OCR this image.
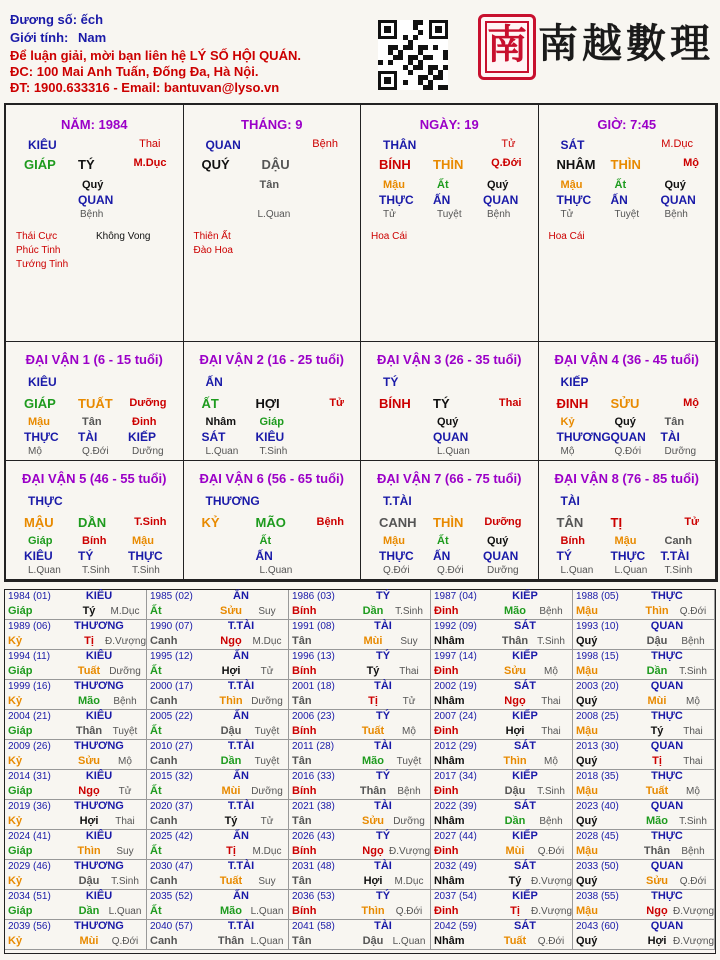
Đương số: ếch
Giới tính: Nam
Để luận giải, mời bạn liên hệ LÝ SỐ HỘI QUÁN.
ĐC: 100 Mai Anh Tuấn, Đống Đa, Hà Nội.
ĐT: 1900.633316 - Email: bantuvan@lyso.vn
南 南越數理
NĂM: 1984
KIÊU	Thai
GIÁP TÝ	M.Dục
Quý
QUAN
Bệnh
Thái Cực
Phúc Tinh
Tướng Tinh
Không Vong
THÁNG: 9
QUAN	Bệnh
QUÝ DẬU
Tân
L.Quan
Thiên Ất
Đào Hoa
NGÀY: 19
THÂN	Tử
BÍNH THÌN	Q.Đới
Mậu
THỰC
Tử
Ất
ẤN
Tuyệt
Quý
QUAN
Bệnh
Hoa Cái
GIỜ: 7:45
SÁT	M.Dục
NHÂM THÌN	Mộ
Mậu
THỰC
Tử
Ất
ẤN
Tuyệt
Quý
QUAN
Bệnh
Hoa Cái
ĐẠI VẬN 1 (6 - 15 tuổi)
KIÊU
GIÁP TUẤT Dưỡng
Mậu
THỰC
Mộ
Tân
TÀI
Q.Đới
Đinh
KIẾP
Dưỡng
ĐẠI VẬN 2 (16 - 25 tuổi)
ẤN
ẤT	HỢI	Tử
Nhâm
SÁT
L.Quan
Giáp
KIÊU
T.Sinh
ĐẠI VẬN 3 (26 - 35 tuổi)
TÝ
BÍNH TÝ	Thai
Quý
QUAN
L.Quan
ĐẠI VẬN 4 (36 - 45 tuổi)
KIẾP
ĐINH SỬU	Mộ
Kỷ
THƯƠNG
Mộ
Quý
QUAN
Q.Đới
Tân
TÀI
Dưỡng
ĐẠI VẬN 5 (46 - 55 tuổi)
THỰC
MẬU DẦN	T.Sinh
Giáp
KIÊU
L.Quan
Bính
TÝ
T.Sinh
Mậu
THỰC
T.Sinh
ĐẠI VẬN 6 (56 - 65 tuổi)
THƯƠNG
KỶ	MÃO	Bệnh
Ất
ẤN
L.Quan
ĐẠI VẬN 7 (66 - 75 tuổi)
T.TÀI
CANH THÌN Dưỡng
Mậu
THỰC
Q.Đới
Ất
ẤN
Q.Đới
Quý
QUAN
Dưỡng
ĐẠI VẬN 8 (76 - 85 tuổi)
TÀI
TÂN TỊ	Tử
Bính
TÝ
L.Quan
Mậu
THỰC
L.Quan
Canh
T.TÀI
T.Sinh
1984 (01)	KIÊU
Giáp	Tý	M.Dục
1985 (02)	ẤN
Ất	Sửu	Suy
1986 (03)	TÝ
Bính	Dần	T.Sinh
1987 (04)	KIẾP
Đinh	Mão	Bệnh
1988 (05)	THỰC
Mậu	Thìn	Q.Đới
1989 (06)	THƯƠNG
Kỷ	Tị	Đ.Vượng
1990 (07)	T.TÀI
Canh	Ngọ	M.Dục
1991 (08)	TÀI
Tân	Mùi	Suy
1992 (09)	SÁT
Nhâm	Thân T.Sinh
1993 (10)	QUAN
Quý	Dậu	Bệnh
1994 (11)	KIÊU
Giáp	Tuất Dưỡng
1995 (12)	ẤN
Ất	Hợi	Tử
1996 (13)	TÝ
Bính	Tý	Thai
1997 (14)	KIẾP
Đinh	Sửu	Mộ
1998 (15)	THỰC
Mậu	Dần	T.Sinh
1999 (16)	THƯƠNG
Kỷ	Mão	Bệnh
2000 (17)	T.TÀI
Canh	Thìn Dưỡng
2001 (18)	TÀI
Tân	Tị	Tử
2002 (19)	SÁT
Nhâm	Ngọ	Thai
2003 (20)	QUAN
Quý	Mùi	Mộ
2004 (21)	KIÊU
Giáp	Thân	Tuyệt
2005 (22)	ẤN
Ất	Dậu	Tuyệt
2006 (23)	TÝ
Bính	Tuất	Mộ
2007 (24)	KIẾP
Đinh	Hợi	Thai
2008 (25)	THỰC
Mậu	Tý	Thai
2009 (26)	THƯƠNG
Kỷ	Sửu	Mộ
2010 (27)	T.TÀI
Canh	Dần	Tuyệt
2011 (28)	TÀI
Tân	Mão	Tuyệt
2012 (29)	SÁT
Nhâm	Thìn	Mộ
2013 (30)	QUAN
Quý	Tị	Thai
2014 (31)	KIÊU
Giáp	Ngọ	Tử
2015 (32)	ẤN
Ất	Mùi	Dưỡng
2016 (33)	TÝ
Bính	Thân	Bệnh
2017 (34)	KIẾP
Đinh	Dậu	T.Sinh
2018 (35)	THỰC
Mậu	Tuất	Mộ
2019 (36)	THƯƠNG
Kỷ	Hợi	Thai
2020 (37)	T.TÀI
Canh	Tý	Tử
2021 (38)	TÀI
Tân	Sửu Dưỡng
2022 (39)	SÁT
Nhâm	Dần	Bệnh
2023 (40)	QUAN
Quý	Mão	T.Sinh
2024 (41)	KIÊU
Giáp	Thìn	Suy
2025 (42)	ẤN
Ất	Tị	M.Dục
2026 (43)	TÝ
Bính	Ngọ Đ.Vượng
2027 (44)	KIẾP
Đinh	Mùi	Q.Đới
2028 (45)	THỰC
Mậu	Thân	Bệnh
2029 (46)	THƯƠNG
Kỷ	Dậu	T.Sinh
2030 (47)	T.TÀI
Canh	Tuất	Suy
2031 (48)	TÀI
Tân	Hợi	M.Dục
2032 (49)	SÁT
Nhâm	Tý Đ.Vượng
2033 (50)	QUAN
Quý	Sửu	Q.Đới
2034 (51)	KIÊU
Giáp	Dần L.Quan
2035 (52)	ẤN
Ất	Mão L.Quan
2036 (53)	TÝ
Bính	Thìn	Q.Đới
2037 (54)	KIẾP
Đinh	Tị	Đ.Vượng
2038 (55)	THỰC
Mậu	Ngọ Đ.Vượng
2039 (56)	THƯƠNG
Kỷ	Mùi	Q.Đới
2040 (57)	T.TÀI
Canh	Thân L.Quan
2041 (58)	TÀI
Tân	Dậu L.Quan
2042 (59)	SÁT
Nhâm	Tuất	Q.Đới
2043 (60)	QUAN
Quý	Hợi Đ.Vượng
